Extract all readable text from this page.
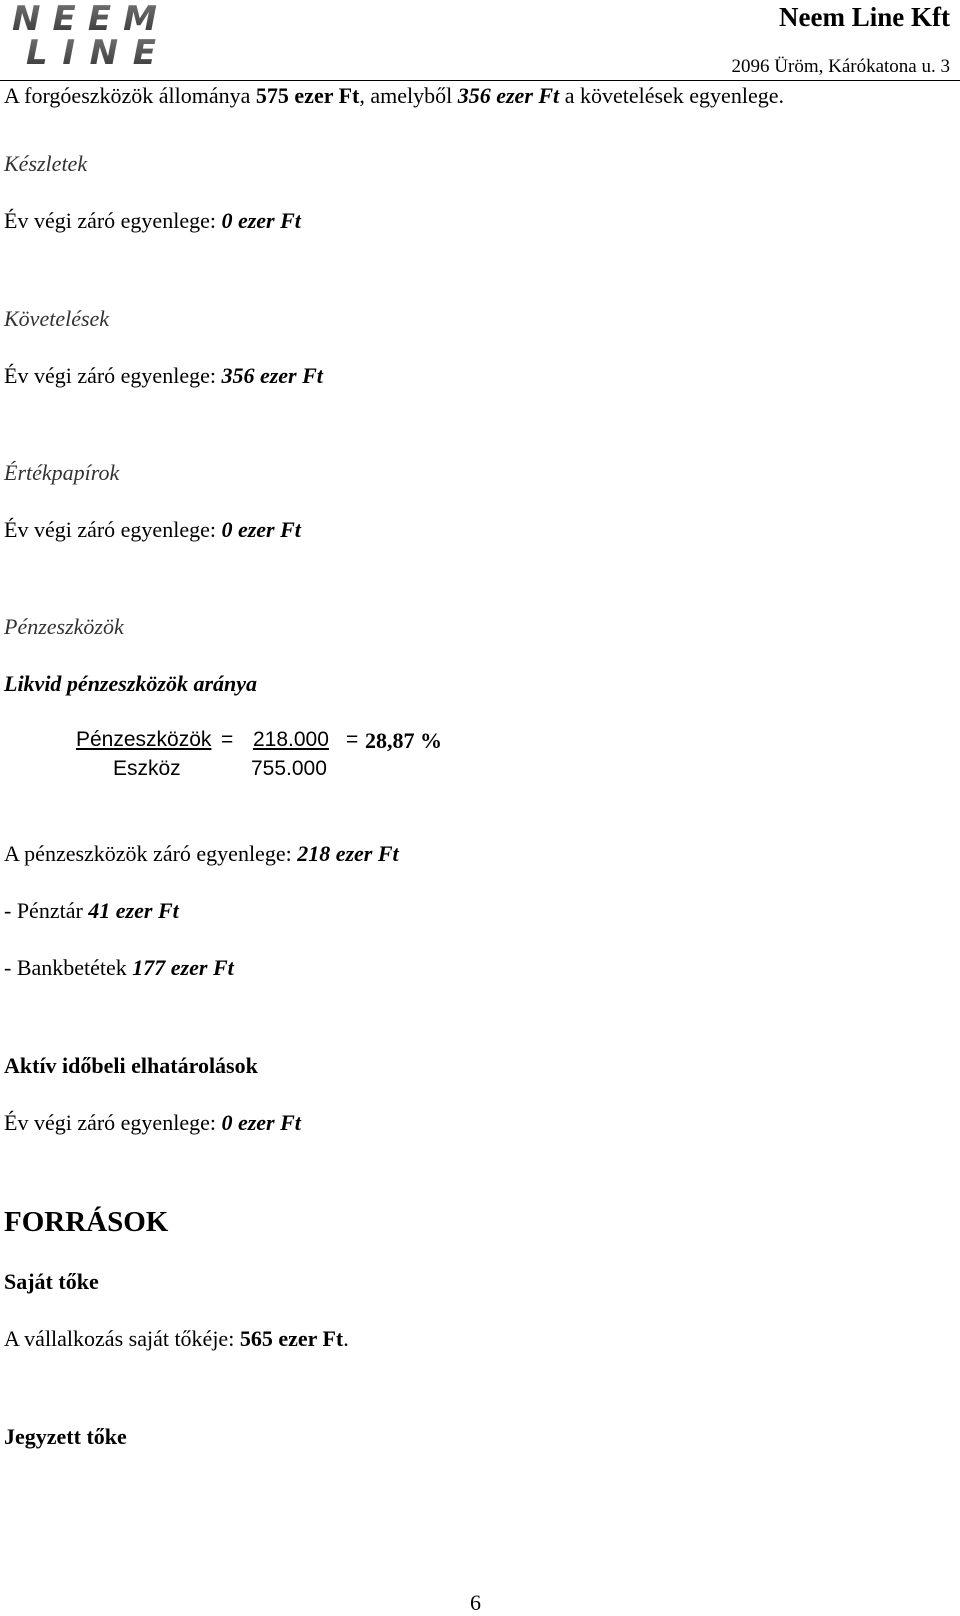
NEEM
LINE
Neem Line Kft
2096 Üröm, Kárókatona u. 3
A forgóeszközök állománya 575 ezer Ft, amelyből 356 ezer Ft a követelések egyenlege.
Készletek
Év végi záró egyenlege: 0 ezer Ft
Követelések
Év végi záró egyenlege: 356 ezer Ft
Értékpapírok
Év végi záró egyenlege: 0 ezer Ft
Pénzeszközök
Likvid pénzeszközök aránya
Pénzeszközök = 218.000 = 28,87 %
Eszköz	755.000
A pénzeszközök záró egyenlege: 218 ezer Ft
- Pénztár 41 ezer Ft
- Bankbetétek 177 ezer Ft
Aktív időbeli elhatárolások
Év végi záró egyenlege: 0 ezer Ft
FORRÁSOK
Saját tőke
A vállalkozás saját tőkéje: 565 ezer Ft.
Jegyzett tőke
6
